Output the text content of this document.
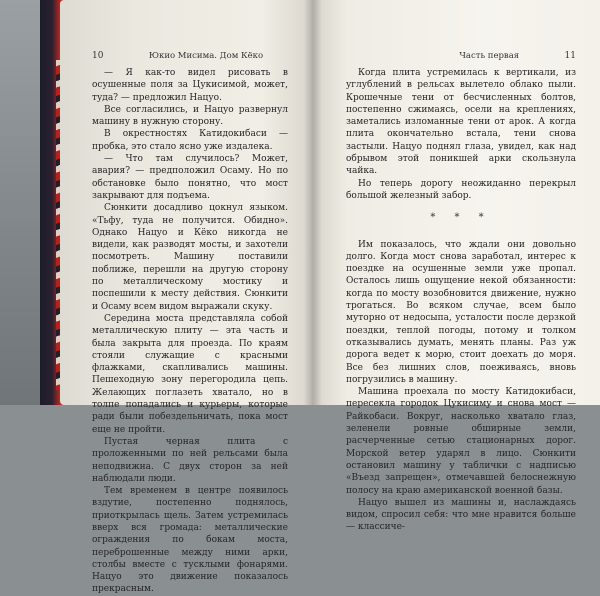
10	Юкио Мисима. Дом Кёко

— Я как-то видел рисовать в осушенные поля за Цукисимой, может, туда? — предложил Нацуо.

Все согласились, и Нацуо развернул машину в нужную сторону.

В окрестностях Катидокибаси — пробка, это стало ясно уже издалека.

— Что там случилось? Может, авария? — предположил Осаму. Но по обстановке было понятно, что мост закрывают для подъема.

Сюнкити досадливо цокнул языком. «Тьфу, туда не получится. Обидно». Однако Нацуо и Кёко никогда не видели, как разводят мосты, и захотели посмотреть. Машину поставили поближе, перешли на другую сторону по металлическому мостику и поспешили к месту действия. Сюнкити и Осаму всем видом выражали скуку.

Середина моста представляла собой металлическую плиту — эта часть и была закрыта для проезда. По краям стояли служащие с красными флажками, скапливались машины. Пешеходную зону перегородила цепь. Желающих поглазеть хватало, но в толпе попадались и курьеры, которые ради были побездельничать, пока мост еще не пройти.

Пустая черная плита с проложенными по ней рельсами была неподвижна. С двух сторон за ней наблюдали люди.

Тем временем в центре появилось вздутие, постепенно поднялось, приоткрылась щель. Затем устремилась вверх вся громада: металлические ограждения по бокам моста, переброшенные между ними арки, столбы вместе с тусклыми фонарями. Нацуо это движение показалось прекрасным.

Часть первая	11

Когда плита устремилась к вертикали, из углублений в рельсах вылетело облако пыли. Крошечные тени от бесчисленных болтов, постепенно сжимаясь, осели на креплениях, заметались изломанные тени от арок. А когда плита окончательно встала, тени снова застыли. Нацуо поднял глаза, увидел, как над обрывом этой поникшей арки скользнула чайка.

Но теперь дорогу неожиданно перекрыл большой железный забор.

* * *

Им показалось, что ждали они довольно долго. Когда мост снова заработал, интерес к поездке на осушенные земли уже пропал. Осталось лишь ощущение некой обязанности: когда по мосту возобновится движение, нужно трогаться. Во всяком случае, всем было муторно от недосыпа, усталости после дерзкой поездки, теплой погоды, потому и толком отказывались думать, менять планы. Раз уж дорога ведет к морю, стоит доехать до моря. Все без лишних слов, поеживаясь, вновь погрузились в машину.

Машина проехала по мосту Катидокибаси, пересекла городок Цукисиму и снова мост — Райкобаси. Вокруг, насколько хватало глаз, зеленели ровные обширные земли, расчерченные сетью стационарных дорог. Морской ветер ударял в лицо. Сюнкити остановил машину у таблички с надписью «Въезд запрещен», отмечавшей белоснежную полосу на краю американской военной базы.

Нацуо вышел из машины и, наслаждаясь видом, спросил себя: что мне нравится больше — классиче-
